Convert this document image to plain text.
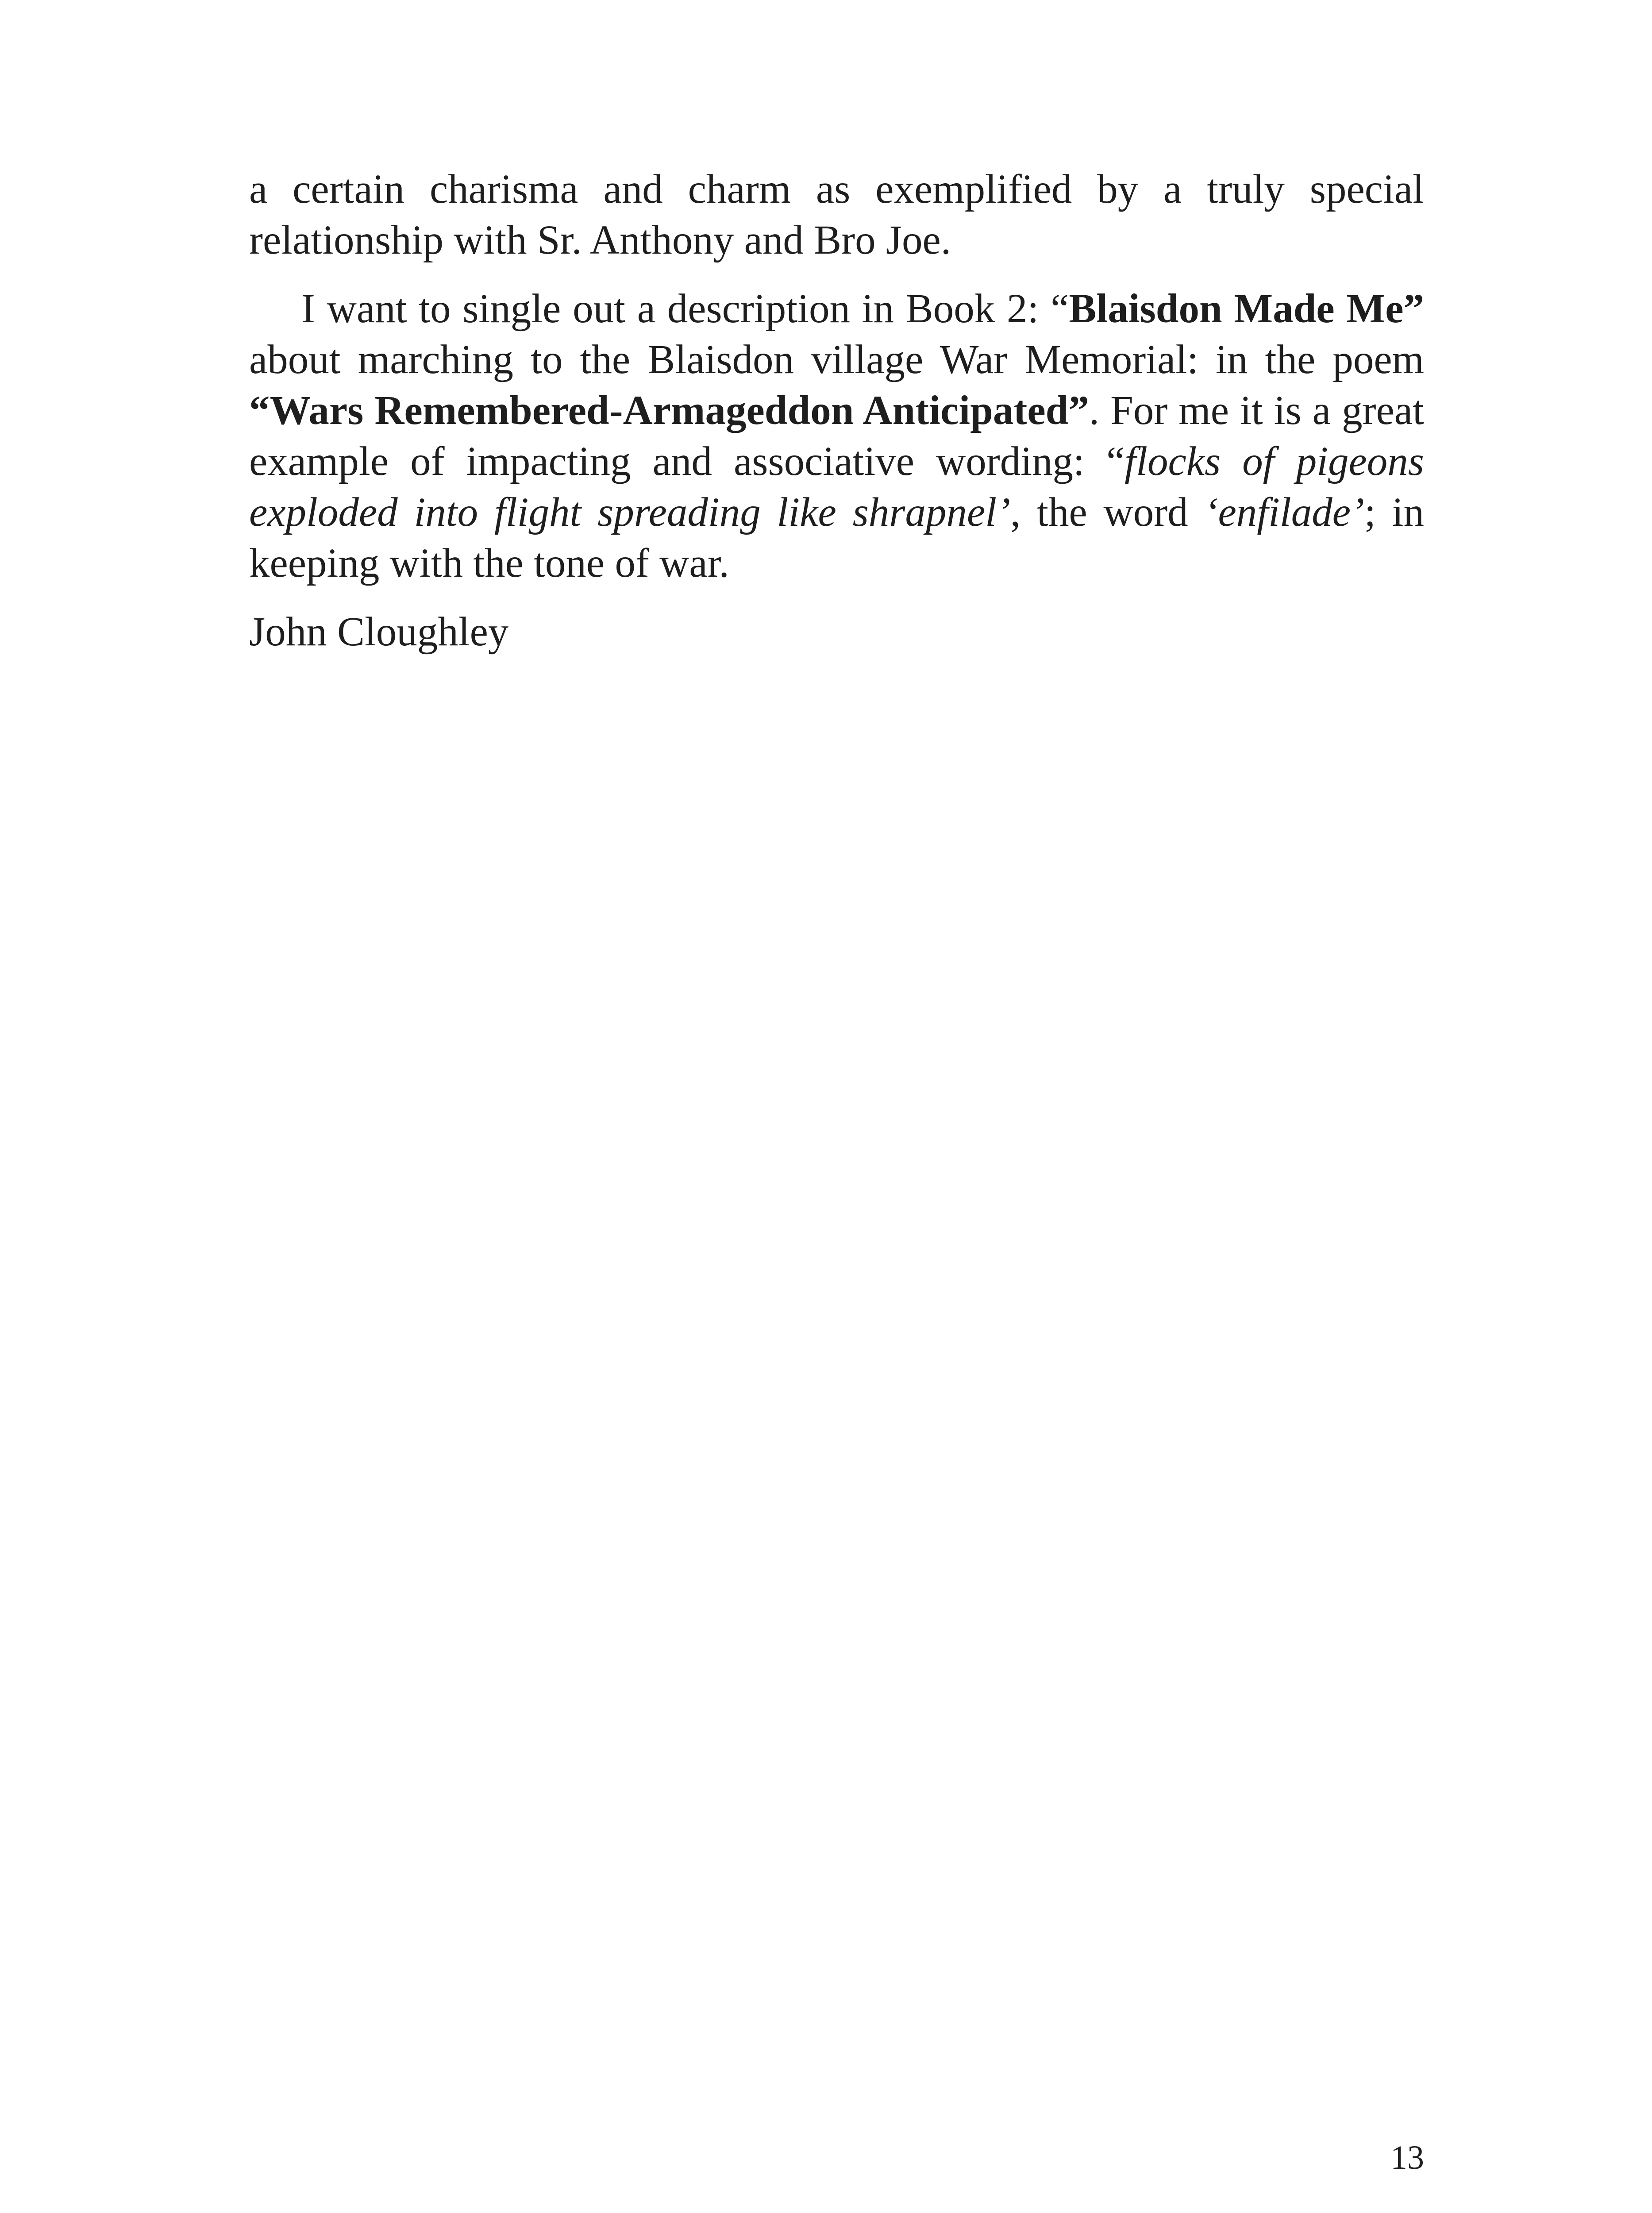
a certain charisma and charm as exemplified by a truly special relationship with Sr. Anthony and Bro Joe.

I want to single out a description in Book 2: “Blaisdon Made Me” about marching to the Blaisdon village War Memorial: in the poem “Wars Remembered-Armageddon Anticipated”. For me it is a great example of impacting and associative wording: “flocks of pigeons exploded into flight spreading like shrapnel’, the word ‘enfilade’; in keeping with the tone of war.

John Cloughley

13
